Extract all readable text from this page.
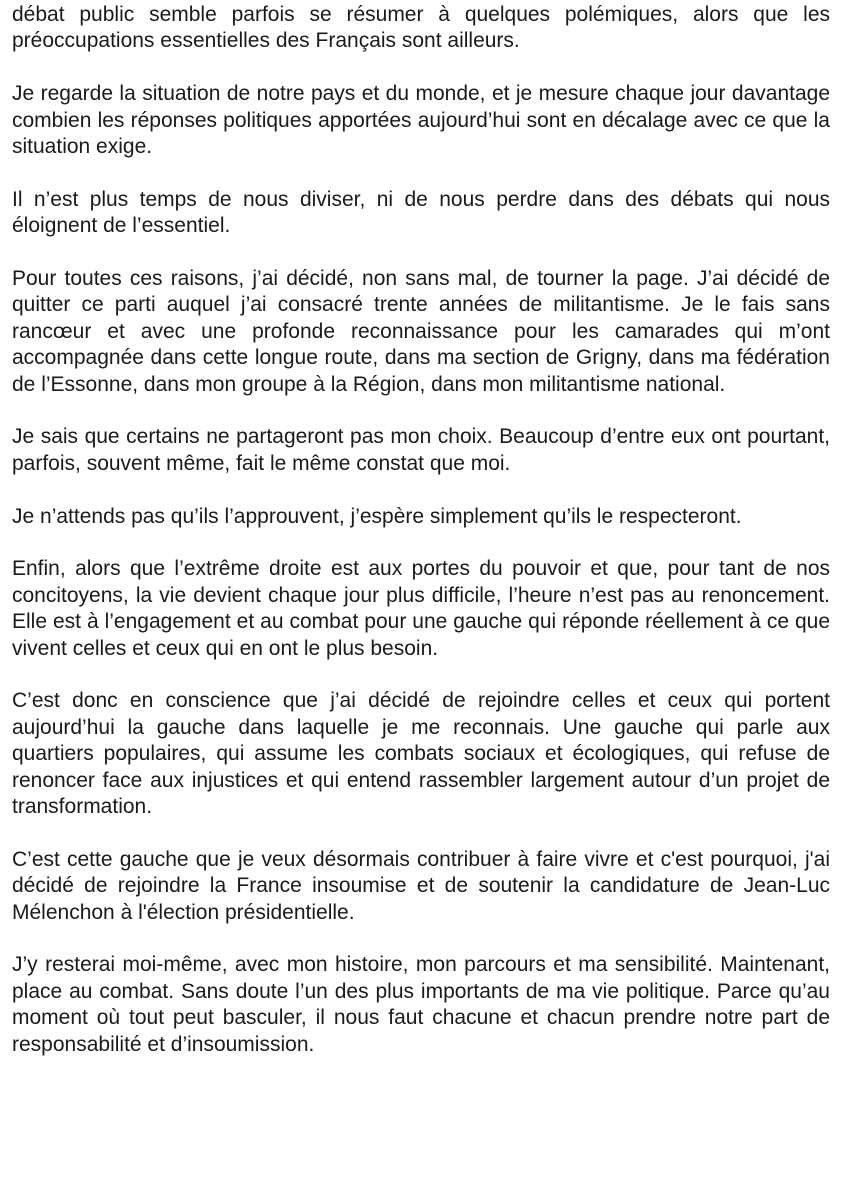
débat public semble parfois se résumer à quelques polémiques, alors que les préoccupations essentielles des Français sont ailleurs.

Je regarde la situation de notre pays et du monde, et je mesure chaque jour davantage combien les réponses politiques apportées aujourd’hui sont en décalage avec ce que la situation exige.

Il n’est plus temps de nous diviser, ni de nous perdre dans des débats qui nous éloignent de l’essentiel.

Pour toutes ces raisons, j’ai décidé, non sans mal, de tourner la page. J’ai décidé de quitter ce parti auquel j’ai consacré trente années de militantisme. Je le fais sans rancœur et avec une profonde reconnaissance pour les camarades qui m’ont accompagnée dans cette longue route, dans ma section de Grigny, dans ma fédération de l’Essonne, dans mon groupe à la Région, dans mon militantisme national.

Je sais que certains ne partageront pas mon choix. Beaucoup d’entre eux ont pourtant, parfois, souvent même, fait le même constat que moi.

Je n’attends pas qu’ils l’approuvent, j’espère simplement qu’ils le respecteront.

Enfin, alors que l’extrême droite est aux portes du pouvoir et que, pour tant de nos concitoyens, la vie devient chaque jour plus difficile, l’heure n’est pas au renoncement. Elle est à l’engagement et au combat pour une gauche qui réponde réellement à ce que vivent celles et ceux qui en ont le plus besoin.

C’est donc en conscience que j’ai décidé de rejoindre celles et ceux qui portent aujourd’hui la gauche dans laquelle je me reconnais. Une gauche qui parle aux quartiers populaires, qui assume les combats sociaux et écologiques, qui refuse de renoncer face aux injustices et qui entend rassembler largement autour d’un projet de transformation.

C’est cette gauche que je veux désormais contribuer à faire vivre et c'est pourquoi, j'ai décidé de rejoindre la France insoumise et de soutenir la candidature de Jean-Luc Mélenchon à l'élection présidentielle.

J’y resterai moi-même, avec mon histoire, mon parcours et ma sensibilité. Maintenant, place au combat. Sans doute l’un des plus importants de ma vie politique. Parce qu’au moment où tout peut basculer, il nous faut chacune et chacun prendre notre part de responsabilité et d’insoumission.
